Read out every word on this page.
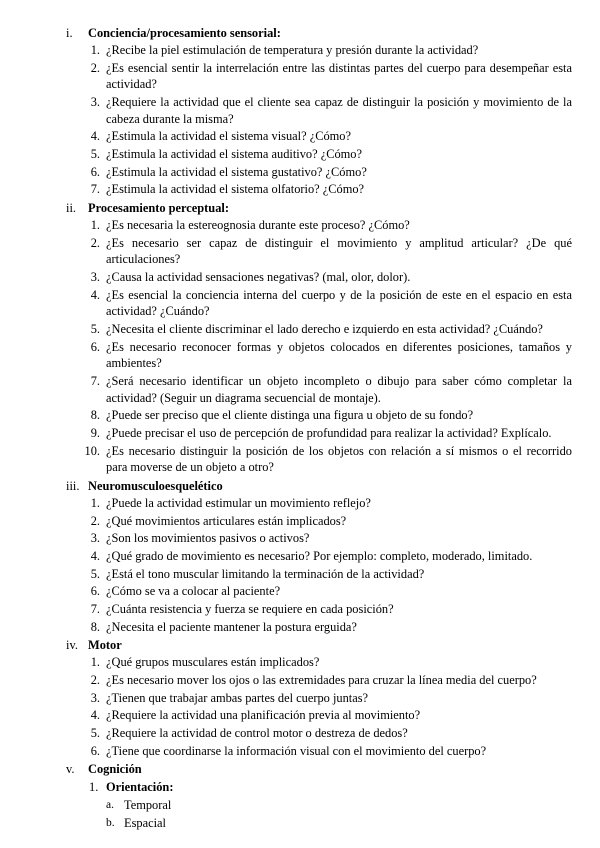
i. Conciencia/procesamiento sensorial:
1. ¿Recibe la piel estimulación de temperatura y presión durante la actividad?
2. ¿Es esencial sentir la interrelación entre las distintas partes del cuerpo para desempeñar esta actividad?
3. ¿Requiere la actividad que el cliente sea capaz de distinguir la posición y movimiento de la cabeza durante la misma?
4. ¿Estimula la actividad el sistema visual? ¿Cómo?
5. ¿Estimula la actividad el sistema auditivo? ¿Cómo?
6. ¿Estimula la actividad el sistema gustativo? ¿Cómo?
7. ¿Estimula la actividad el sistema olfatorio? ¿Cómo?
ii. Procesamiento perceptual:
1. ¿Es necesaria la estereognosia durante este proceso? ¿Cómo?
2. ¿Es necesario ser capaz de distinguir el movimiento y amplitud articular? ¿De qué articulaciones?
3. ¿Causa la actividad sensaciones negativas? (mal, olor, dolor).
4. ¿Es esencial la conciencia interna del cuerpo y de la posición de este en el espacio en esta actividad? ¿Cuándo?
5. ¿Necesita el cliente discriminar el lado derecho e izquierdo en esta actividad? ¿Cuándo?
6. ¿Es necesario reconocer formas y objetos colocados en diferentes posiciones, tamaños y ambientes?
7. ¿Será necesario identificar un objeto incompleto o dibujo para saber cómo completar la actividad? (Seguir un diagrama secuencial de montaje).
8. ¿Puede ser preciso que el cliente distinga una figura u objeto de su fondo?
9. ¿Puede precisar el uso de percepción de profundidad para realizar la actividad? Explícalo.
10. ¿Es necesario distinguir la posición de los objetos con relación a sí mismos o el recorrido para moverse de un objeto a otro?
iii. Neuromusculoesquelético
1. ¿Puede la actividad estimular un movimiento reflejo?
2. ¿Qué movimientos articulares están implicados?
3. ¿Son los movimientos pasivos o activos?
4. ¿Qué grado de movimiento es necesario? Por ejemplo: completo, moderado, limitado.
5. ¿Está el tono muscular limitando la terminación de la actividad?
6. ¿Cómo se va a colocar al paciente?
7. ¿Cuánta resistencia y fuerza se requiere en cada posición?
8. ¿Necesita el paciente mantener la postura erguida?
iv. Motor
1. ¿Qué grupos musculares están implicados?
2. ¿Es necesario mover los ojos o las extremidades para cruzar la línea media del cuerpo?
3. ¿Tienen que trabajar ambas partes del cuerpo juntas?
4. ¿Requiere la actividad una planificación previa al movimiento?
5. ¿Requiere la actividad de control motor o destreza de dedos?
6. ¿Tiene que coordinarse la información visual con el movimiento del cuerpo?
v. Cognición
1. Orientación:
a. Temporal
b. Espacial
